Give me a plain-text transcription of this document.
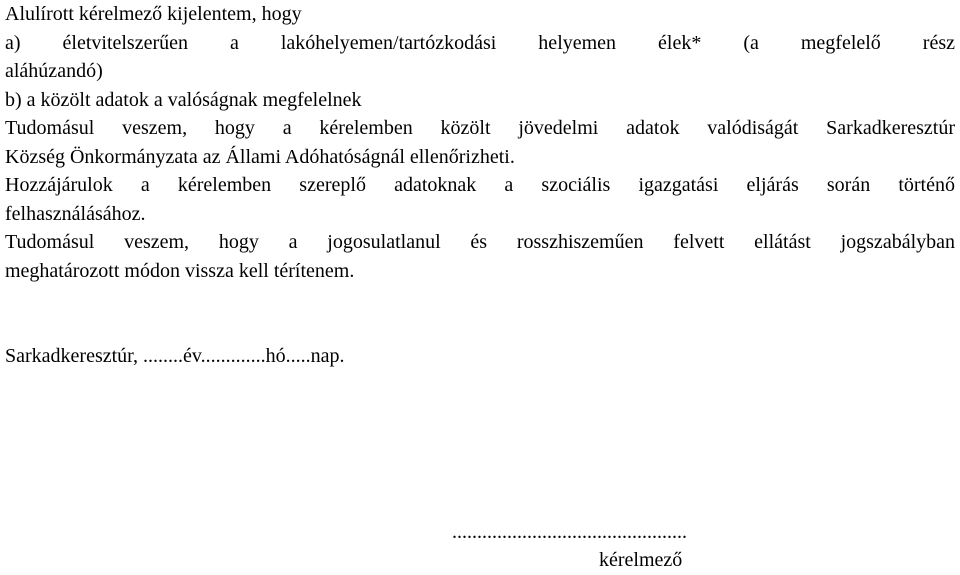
Alulírott kérelmező kijelentem, hogy
a) életvitelszerűen a lakóhelyemen/tartózkodási helyemen élek* (a megfelelő rész
aláhúzandó)
b) a közölt adatok a valóságnak megfelelnek
Tudomásul veszem, hogy a kérelemben közölt jövedelmi adatok valódiságát Sarkadkeresztúr
Község Önkormányzata az Állami Adóhatóságnál ellenőrizheti.
Hozzájárulok a kérelemben szereplő adatoknak a szociális igazgatási eljárás során történő
felhasználásához.
Tudomásul veszem, hogy a jogosulatlanul és rosszhiszeműen felvett ellátást jogszabályban
meghatározott módon vissza kell térítenem.
Sarkadkeresztúr, ........év.............hó.....nap.
...............................................
kérelmező
